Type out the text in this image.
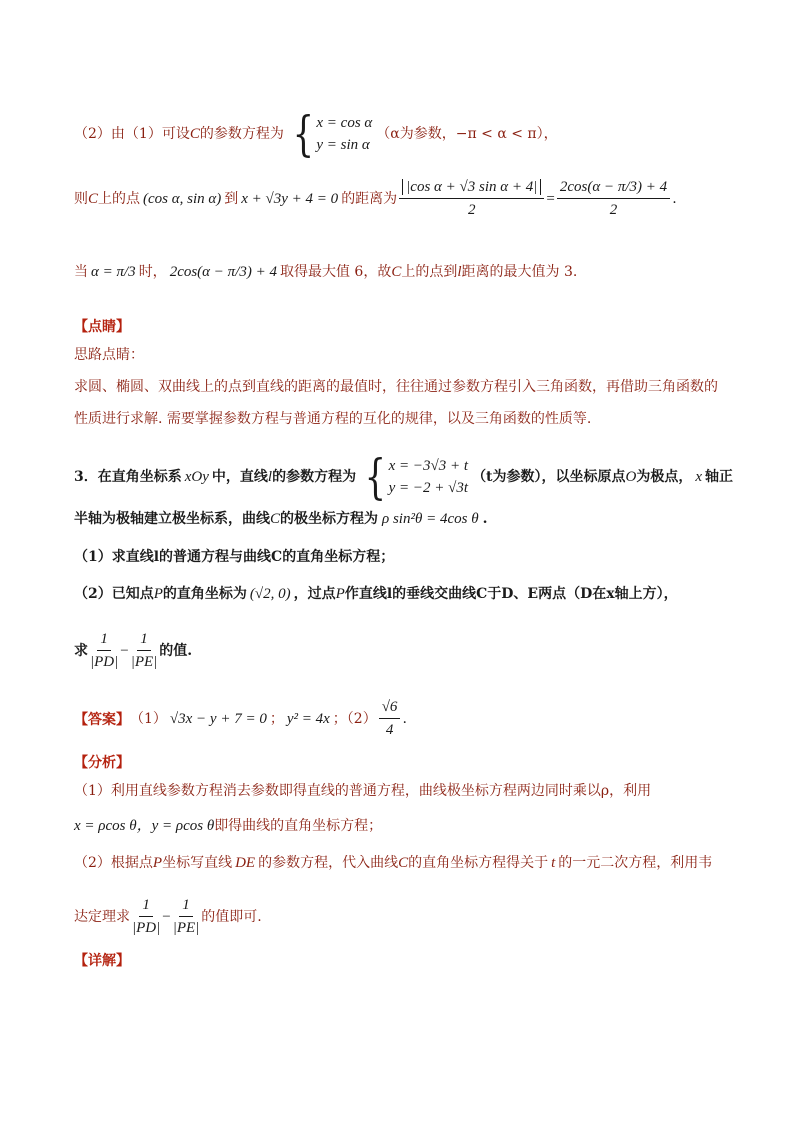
（2）由（1）可设 C 的参数方程为 { x = cos α
y = sin α
（α为参数，−π < α < π），
则 C 上的点 (cos α, sin α) 到 x + √3y + 4 = 0 的距离为 $\frac{\text{|cos α + √3 sin α + 4|}}{2} = \frac{2\cos(\alpha - \pi/3) + 4}{2}$ .
当 α = π/3 时， 2cos(α − π/3) + 4 取得最大值 6，故 C 上的点到 l 距离的最大值为 3.
【点睛】
思路点睛：
求圆、椭圆、双曲线上的点到直线的距离的最值时，往往通过参数方程引入三角函数，再借助三角函数的
性质进行求解. 需要掌握参数方程与普通方程的互化的规律，以及三角函数的性质等.
3．在直角坐标系 xOy 中，直线 l 的参数方程为 { x = −3√3 + t
y = −2 + √3t
（t为参数），以坐标原点 O 为极点， x 轴正
半轴为极轴建立极坐标系，曲线 C 的极坐标方程为 ρ sin²θ = 4cos θ .
（1）求直线l的普通方程与曲线C的直角坐标方程；
（2）已知点 P 的直角坐标为 (√2, 0) ，过点 P 作直线l的垂线交曲线C于D、E两点（D在x轴上方），
求 $\frac{1}{|PD|} - \frac{1}{|PE|}$ 的值.
【答案】 （1） √3x − y + 7 = 0 ； y² = 4x ；$(2) \frac{√6}{4}$ .
【分析】
（1）利用直线参数方程消去参数即得直线的普通方程，曲线极坐标方程两边同时乘以ρ，利用
x = ρcos θ，y = ρcos θ 即得曲线的直角坐标方程；
（2）根据点 P 坐标写直线 DE 的参数方程，代入曲线 C 的直角坐标方程得关于 t 的一元二次方程，利用韦
达定理求 $\frac{1}{|PD|} - \frac{1}{|PE|}$ 的值即可.
【详解】
